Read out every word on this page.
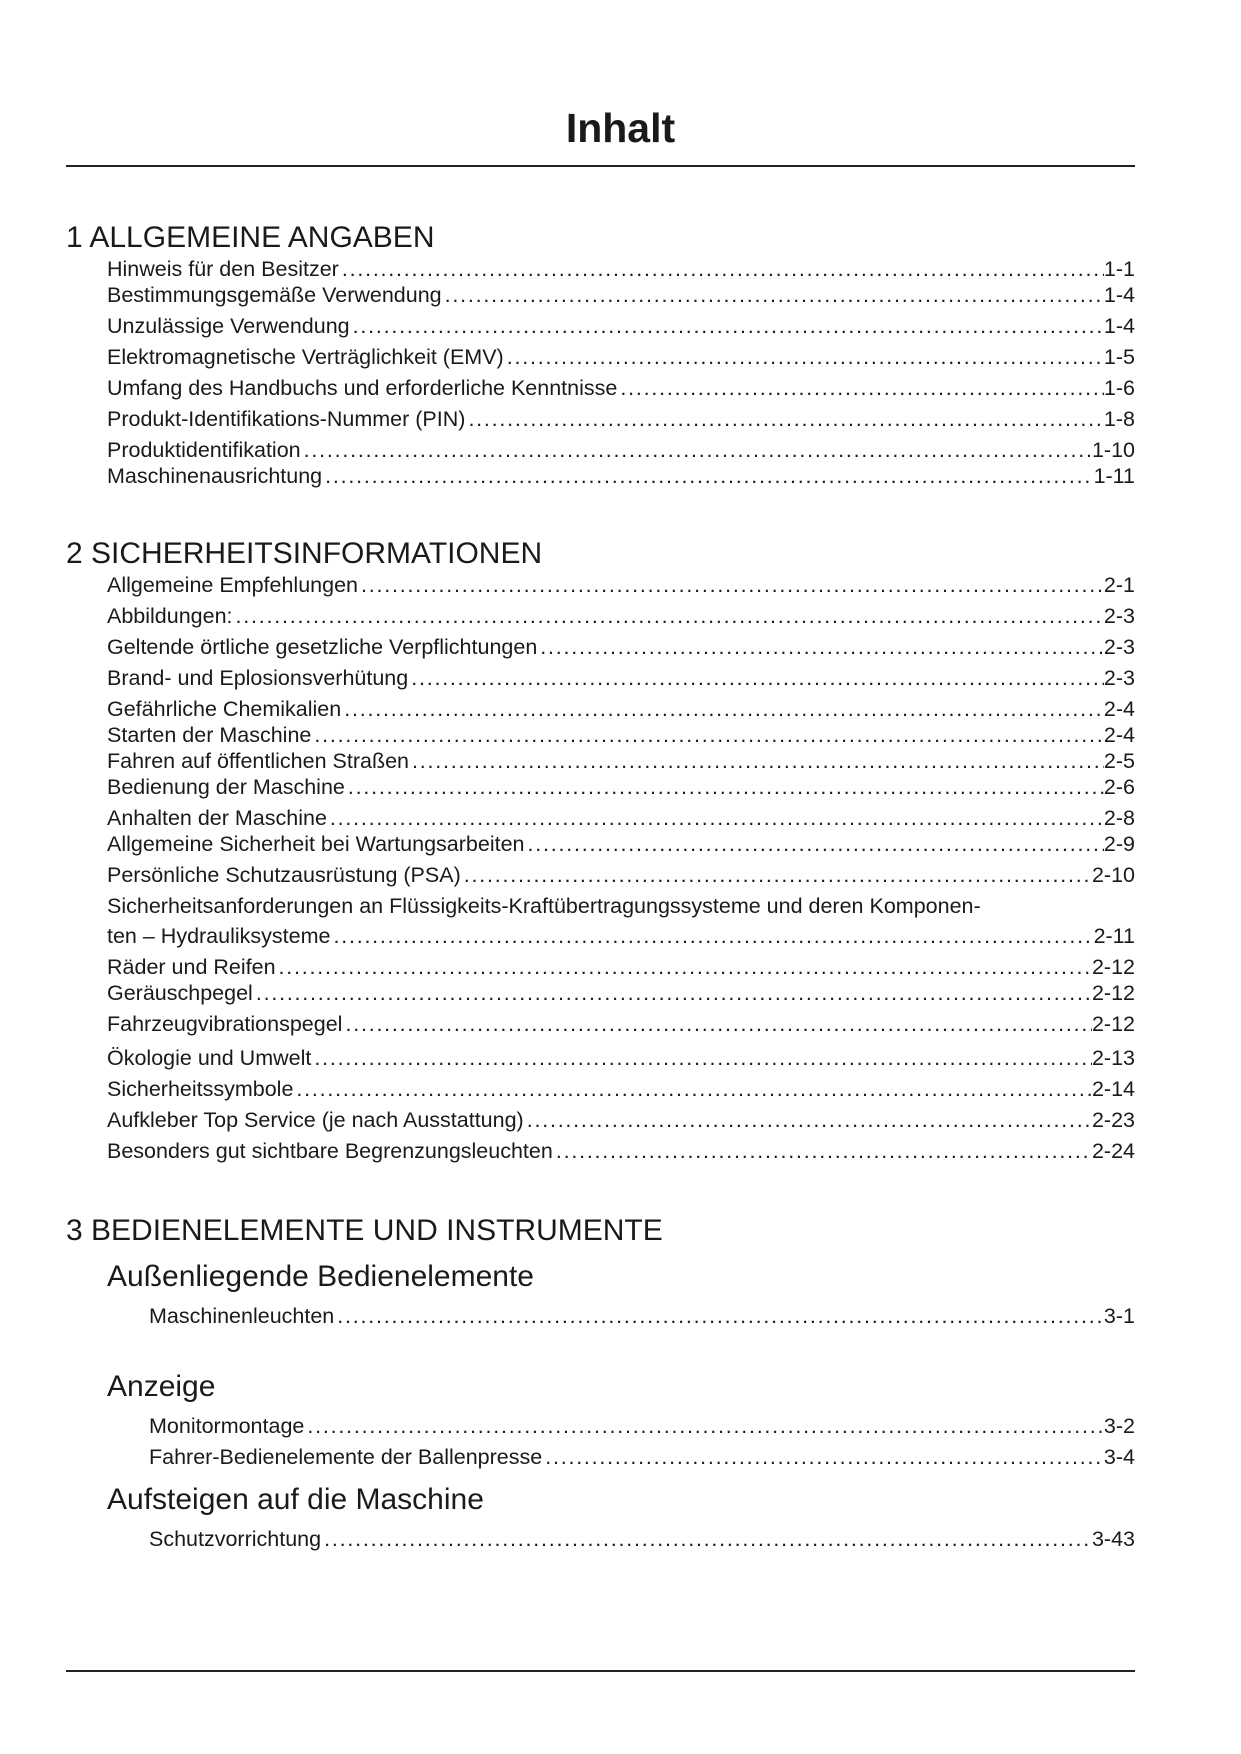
Inhalt
1 ALLGEMEINE ANGABEN
Hinweis für den Besitzer . . .	1-1
Bestimmungsgemäße Verwendung . . .	1-4
Unzulässige Verwendung . . .	1-4
Elektromagnetische Verträglichkeit (EMV) . . .	1-5
Umfang des Handbuchs und erforderliche Kenntnisse . . .	1-6
Produkt-Identifikations-Nummer (PIN) . . .	1-8
Produktidentifikation . . .	1-10
Maschinenausrichtung . . .	1-11
2 SICHERHEITSINFORMATIONEN
Allgemeine Empfehlungen . . .	2-1
Abbildungen: . . .	2-3
Geltende örtliche gesetzliche Verpflichtungen . . .	2-3
Brand- und Eplosionsverhütung . . .	2-3
Gefährliche Chemikalien . . .	2-4
Starten der Maschine . . .	2-4
Fahren auf öffentlichen Straßen . . .	2-5
Bedienung der Maschine . . .	2-6
Anhalten der Maschine . . .	2-8
Allgemeine Sicherheit bei Wartungsarbeiten . . .	2-9
Persönliche Schutzausrüstung (PSA) . . .	2-10
Sicherheitsanforderungen an Flüssigkeits-Kraftübertragungssysteme und deren Komponen-
ten – Hydrauliksysteme . . .	2-11
Räder und Reifen . . .	2-12
Geräuschpegel . . .	2-12
Fahrzeugvibrationspegel . . .	2-12
Ökologie und Umwelt . . .	2-13
Sicherheitssymbole . . .	2-14
Aufkleber Top Service (je nach Ausstattung) . . .	2-23
Besonders gut sichtbare Begrenzungsleuchten . . .	2-24
3 BEDIENELEMENTE UND INSTRUMENTE
Außenliegende Bedienelemente
Maschinenleuchten . . .	3-1
Anzeige
Monitormontage . . .	3-2
Fahrer-Bedienelemente der Ballenpresse . . .	3-4
Aufsteigen auf die Maschine
Schutzvorrichtung . . .	3-43
